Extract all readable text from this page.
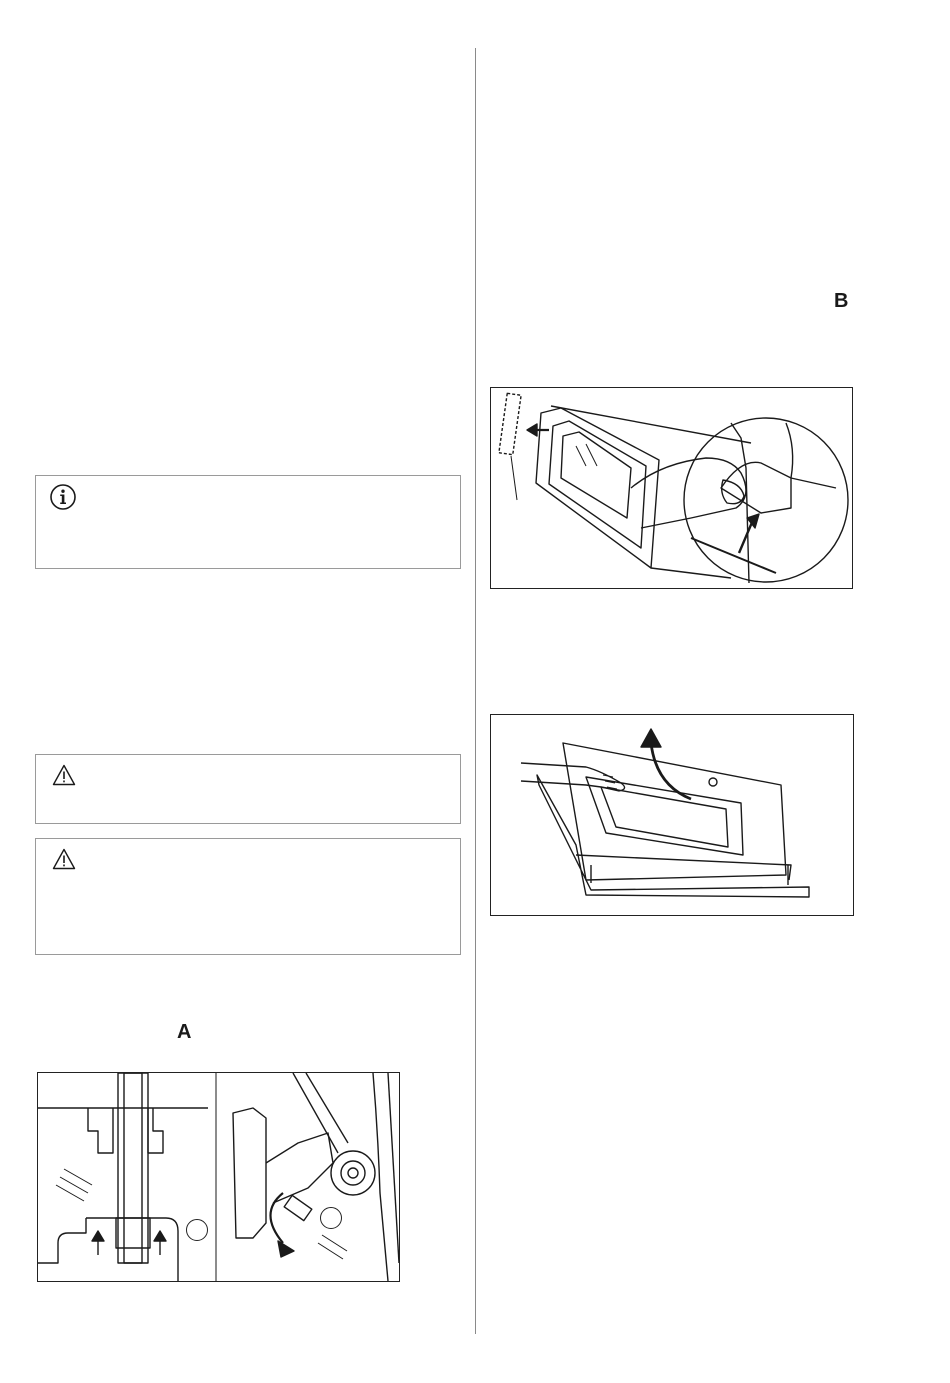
A
B
